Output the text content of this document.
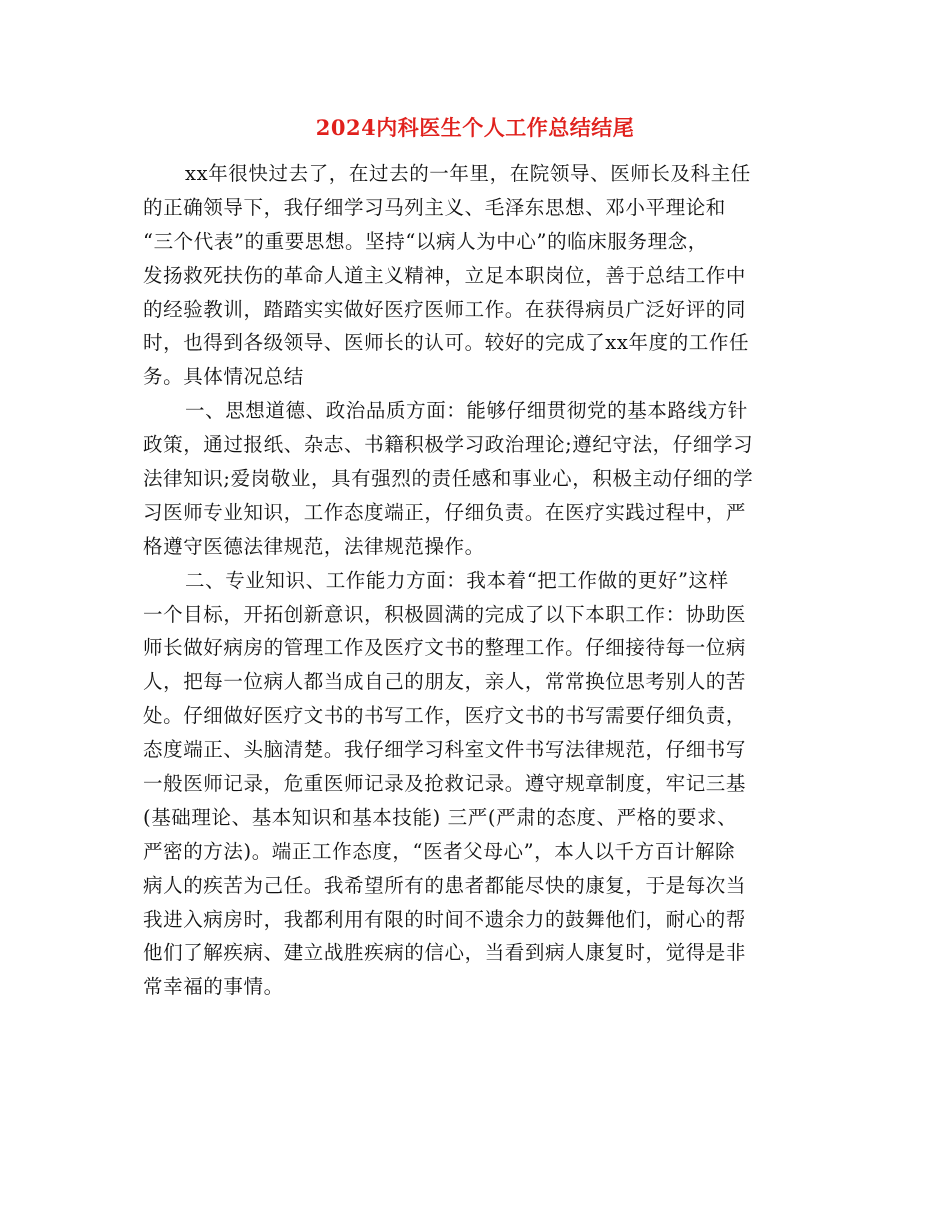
2024内科医生个人工作总结结尾
xx年很快过去了，在过去的一年里，在院领导、医师长及科主任
的正确领导下，我仔细学习马列主义、毛泽东思想、邓小平理论和
“三个代表”的重要思想。坚持“以病人为中心”的临床服务理念，
发扬救死扶伤的革命人道主义精神，立足本职岗位，善于总结工作中
的经验教训，踏踏实实做好医疗医师工作。在获得病员广泛好评的同
时，也得到各级领导、医师长的认可。较好的完成了xx年度的工作任
务。具体情况总结
一、思想道德、政治品质方面：能够仔细贯彻党的基本路线方针
政策，通过报纸、杂志、书籍积极学习政治理论;遵纪守法，仔细学习
法律知识;爱岗敬业，具有强烈的责任感和事业心，积极主动仔细的学
习医师专业知识，工作态度端正，仔细负责。在医疗实践过程中，严
格遵守医德法律规范，法律规范操作。
二、专业知识、工作能力方面：我本着“把工作做的更好”这样
一个目标，开拓创新意识，积极圆满的完成了以下本职工作：协助医
师长做好病房的管理工作及医疗文书的整理工作。仔细接待每一位病
人，把每一位病人都当成自己的朋友，亲人，常常换位思考别人的苦
处。仔细做好医疗文书的书写工作，医疗文书的书写需要仔细负责，
态度端正、头脑清楚。我仔细学习科室文件书写法律规范，仔细书写
一般医师记录，危重医师记录及抢救记录。遵守规章制度，牢记三基
(基础理论、基本知识和基本技能) 三严(严肃的态度、严格的要求、
严密的方法)。端正工作态度，“医者父母心”，本人以千方百计解除
病人的疾苦为己任。我希望所有的患者都能尽快的康复，于是每次当
我进入病房时，我都利用有限的时间不遗余力的鼓舞他们，耐心的帮
他们了解疾病、建立战胜疾病的信心，当看到病人康复时，觉得是非
常幸福的事情。
